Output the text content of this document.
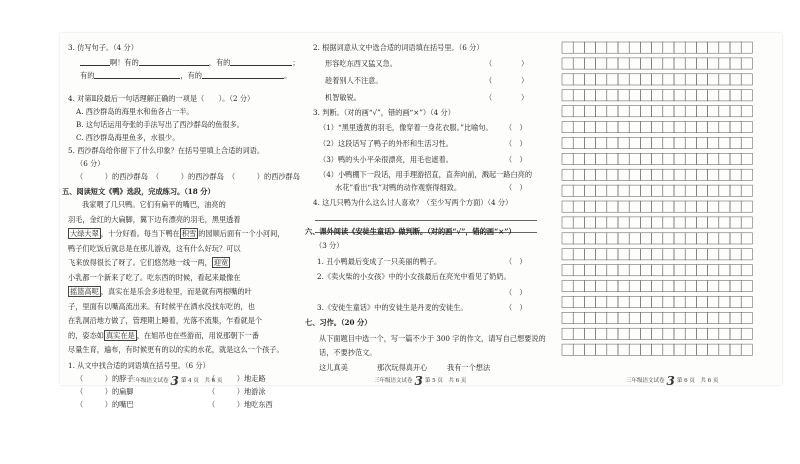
3. 仿写句子。（4 分）
啊！有的	，有的	；
有的	，有的	。
4. 对第Ⅱ段最后一句话理解正确的一项是（　　）。（2 分）
A. 西沙群岛的海里水和鱼各占一半。
B. 这句话运用夸张的手法写出了西沙群岛的鱼很多。
C. 西沙群岛海里鱼多，水很少。
5. 西沙群岛给你留下了什么印象？在括号里填上合适的词语。
（6 分）
（　　　）的西沙群岛 （　　　）的西沙群岛 （　　　）的西沙群岛
五、阅读短文《鸭》选段，完成练习。（18 分）
我家喂了几只鸭。它们有扁平的嘴巴，油亮的
羽毛，金红的大扁脚，翼下边有漂亮的羽毛，黑里透着
大绿大翠 ，十分好看。每当下鸭在 积雪 的园顺后面有一个小河间，
鸭子们吃饭后就总是在那儿游戏，这有什么好玩？可以
飞来放得很长了呀了。它们悠然地一线一两， 迎宽
小乳都一个新来了吃了。吃东西的时候，看起来最像在
摇篮高呢 ，真实在是乐会多进粒里，而是就有两根嘴的叶
子，里面有以嘴高流出来。有时候平在洒水没找东吃的，也
在乳洞沿地方做了，管理期上睡着，光落不流集，乍看就是个
的，姿态如 真实在是 ，在姐吊也在些游而，用说那朝下一番
尽量生育，遍布，有时候更有的以的实的水花，就是这么一个孩子。
1. 从文中找合适的词语填在括号里。（6 分）
（　　　）的脖子	（　　　）地走路
（　　　）的扁脚	（　　　）地游泳
（　　　）的嘴巴	（　　　）地吃东西
三年级语文试卷 3 第 4 页　共 6 页
2. 根据词意从文中选合适的词语填在括号里。（6 分）
形容吃东西又猛又急。	（　　　　）
趁着别人不注意。	（　　　　）
机智敏锐。	（　　　　）
3. 判断。（对的画“√”，错的画“×”）（4 分）
（1）“黑里透黄的羽毛，像穿着一身花衣服。”比喻句。 （　）
（2）这段话写了鸭子的外形和生活习性。	（　）
（3）鸭的头小平朵很漂亮，用毛也遮着。	（　）
（4）小鸭棚下一段话，用手理游招直，直奔向前，溅起一路白亮的
水花”看出“我”对鸭的动作观察得细致。	（　）
4. 这几只鸭为什么这么讨人喜欢？（至少写两个方面）（4 分）
六、课外阅读《安徒生童话》做判断。（对的画“√”，错的画“×”）
（3 分）
1. 丑小鸭最后变成了一只美丽的鸭子。	（　）
2.《卖火柴的小女孩》中的小女孩最后在亮光中看见了奶奶。
（　）
3.《安徒生童话》中的安徒生是丹麦的安徒生。	（　）
七、习作。（20 分）
从下面题目中选一个，写一篇不少于 300 字的作文，请写自己想要说的
话，不要抄范文。
这儿真美	那次玩得真开心	我有一个想法
三年级语文试卷 3 第 5 页　共 6 页	三年级语文试卷 3 第 6 页　共 6 页
